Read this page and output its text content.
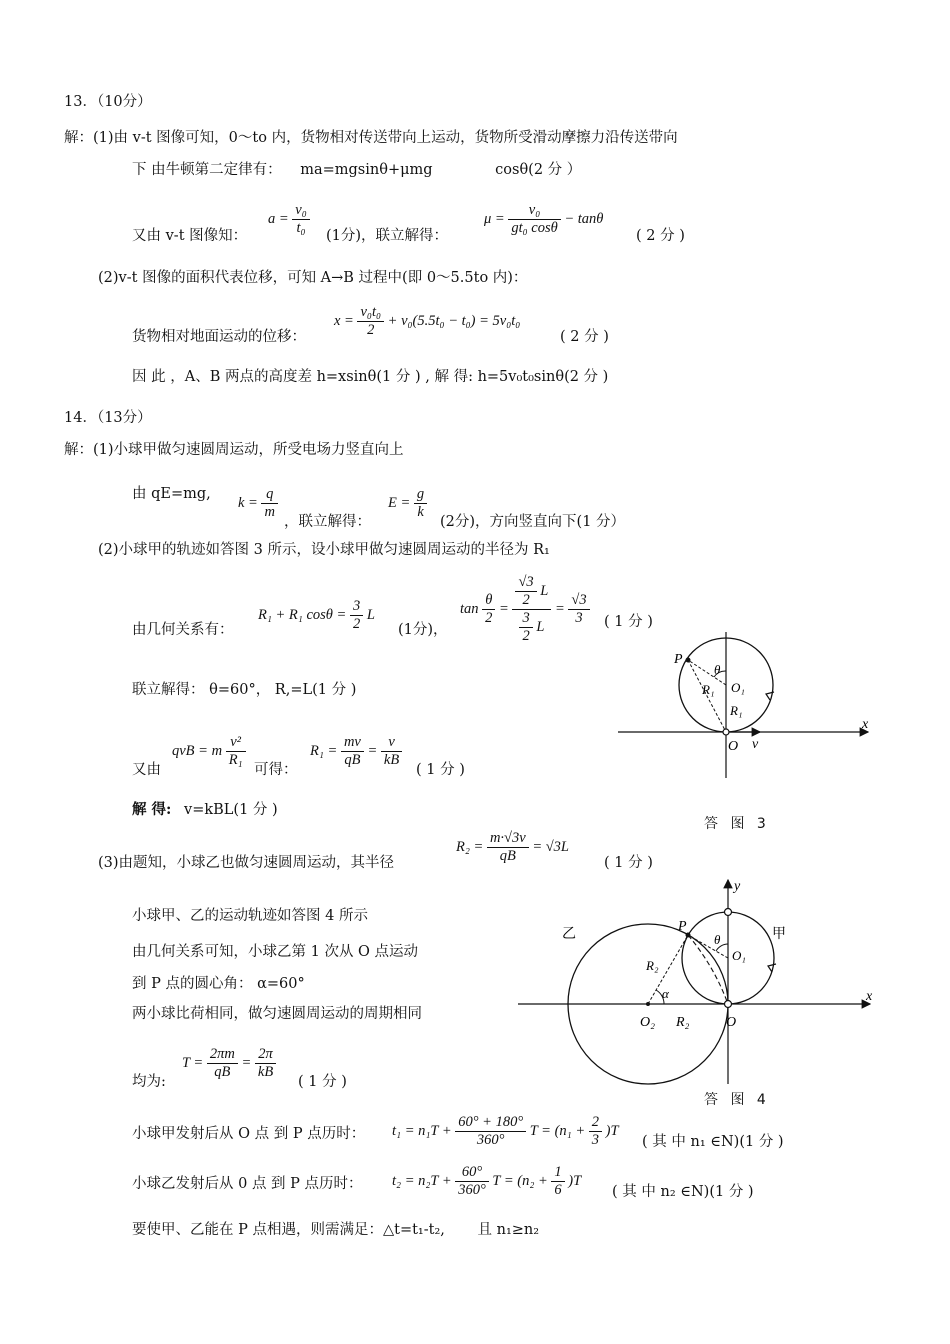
13．（10分）
解：(1)由 v-t 图像可知，0～to 内，货物相对传送带向上运动，货物所受滑动摩擦力沿传送带向
下 由牛顿第二定律有： ma=mgsinθ+μmg	cosθ(2 分 ）
又由 v-t 图像知：
$a = \frac{\text{v₀}}{\text{t₀}} (1$分)，联立解得：
$\mu = \frac{\text{v₀}}{\text{gt₀ cosθ}} - \tan\theta$
( 2 分 )
(2)v-t 图像的面积代表位移，可知 A→B 过程中(即 0～5.5to 内)：
货物相对地面运动的位移：
$x = \frac{\text{v₀t₀}}{2} + v_0(5.5t_0 - t_0) = 5v_0t_0$
( 2 分 )
因 此 ，A、B 两点的高度差 h=xsinθ(1 分 ) , 解 得: h=5v₀t₀sinθ(2 分 )
14．（13分）
解：(1)小球甲做匀速圆周运动，所受电场力竖直向上
由 qE=mg,
$k = \frac{q}{m}$
，联立解得：
$E = \frac{g}{k}$
(2分)，方向竖直向下(1 分）
(2)小球甲的轨迹如答图 3 所示，设小球甲做匀速圆周运动的半径为 R₁
由几何关系有：
R₁ + R₁ $\cos\theta = \frac{3}{2}$ L
(1分)，
$\tan \frac{\theta}{2} = \frac{\frac{√3}{2} L}{\frac{3}{2} L} = \frac{√3}{3}$ ( 1 分 )
联立解得： θ=60°， R,=L(1 分 )
又由
qvB = m $\frac{\text{v²}}{\text{R₁}}$
可得：
$R_1 = \frac{mv}{qB} = \frac{v}{kB}$
( 1 分 )
解 得: v=kBL(1 分 )
(3)由题知，小球乙也做匀速圆周运动，其半径
$R_2 = \frac{m\cdot√3v}{qB} = √3L$
( 1 分 )
小球甲、乙的运动轨迹如答图 4 所示
由几何关系可知，小球乙第 1 次从 O 点运动
到 P 点的圆心角： α=60°
两小球比荷相同，做匀速圆周运动的周期相同
均为:
$T = \frac{2\pi m}{qB} = \frac{2\pi}{kB}$
( 1 分 )
小球甲发射后从 O 点 到 P 点历时： $t_1 = n_1T + \frac{60^\circ + 180^\circ}{360^\circ}$ $T = (n_1 + \frac{2}{3} )T$
( 其 中 n₁ ∈N)(1 分 )
小球乙发射后从 0 点 到 P 点历时： $t_2 = n_2T + \frac{60^\circ}{360^\circ}$ $T = (n_2 + \frac{1}{6} )T$
( 其 中 n₂ ∈N)(1 分 )
要使甲、乙能在 P 点相遇，则需满足：△t=t₁-t₂, 且 n₁≥n₂
P
θ
R₁ O₁
R₁
O v
x
答 图 3
y
P	甲
乙	θ
O₁
R₂
α
O₂ R₂	O
x
答 图 4
